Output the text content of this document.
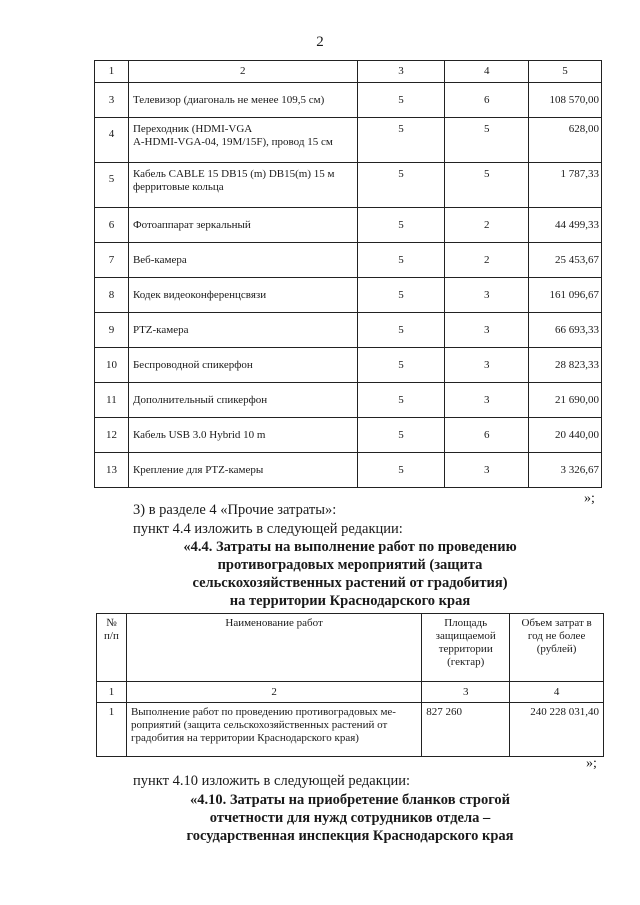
2
1	2	3	4	5
3	Телевизор (диагональ не менее 109,5 см)	5	6	108 570,00
4	Переходник (HDMI-VGA
A-HDMI-VGA-04, 19M/15F), провод 15 см	5	5	628,00
5	Кабель CABLE 15 DB15 (m) DB15(m) 15 м
ферритовые кольца	5	5	1 787,33
6	Фотоаппарат зеркальный	5	2	44 499,33
7	Веб-камера	5	2	25 453,67
8	Кодек видеоконференцсвязи	5	3	161 096,67
9	PTZ-камера	5	3	66 693,33
10	Беспроводной спикерфон	5	3	28 823,33
11	Дополнительный спикерфон	5	3	21 690,00
12	Кабель USB 3.0 Hybrid 10 m	5	6	20 440,00
13	Крепление для PTZ-камеры	5	3	3 326,67
»;
3) в разделе 4 «Прочие затраты»:
пункт 4.4 изложить в следующей редакции:
«4.4. Затраты на выполнение работ по проведению
противоградовых мероприятий (защита
сельскохозяйственных растений от градобития)
на территории Краснодарского края
№
п/п	Наименование работ	Площадь
защищаемой
территории
(гектар)	Объем затрат в
год не более
(рублей)
1	2	3	4
1	Выполнение работ по проведению противоградовых ме-
роприятий (защита сельскохозяйственных растений от
градобития на территории Краснодарского края)	827 260	240 228 031,40
»;
пункт 4.10 изложить в следующей редакции:
«4.10. Затраты на приобретение бланков строгой
отчетности для нужд сотрудников отдела –
государственная инспекция Краснодарского края
